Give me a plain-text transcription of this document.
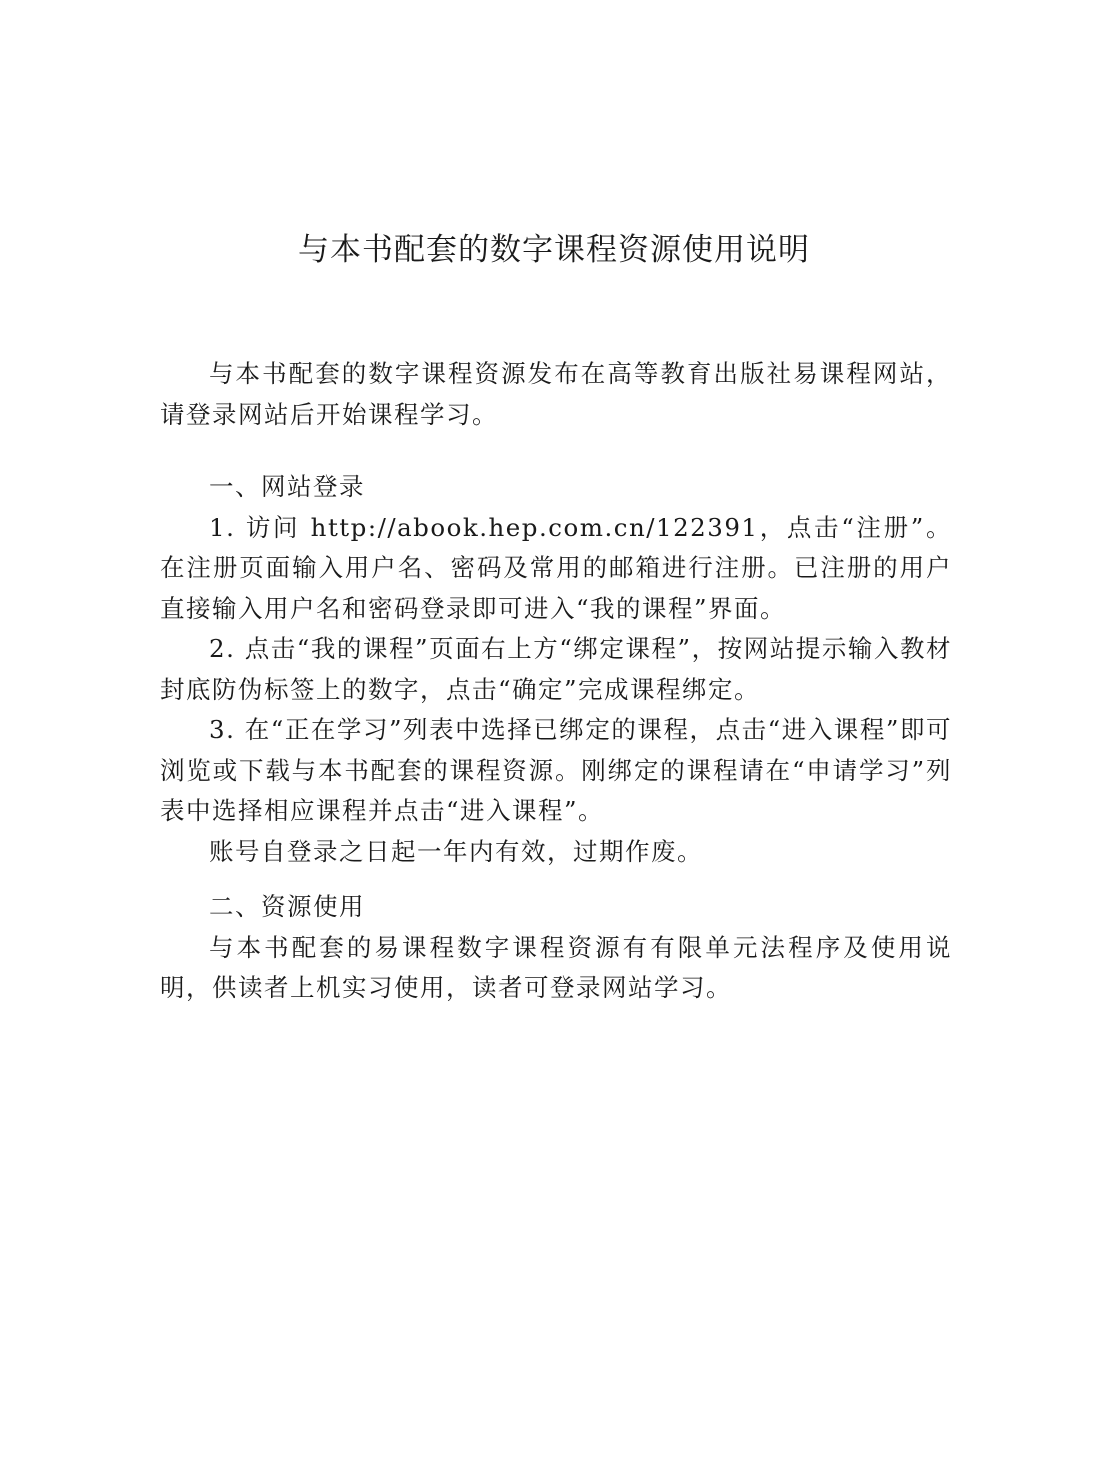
与本书配套的数字课程资源使用说明

与本书配套的数字课程资源发布在高等教育出版社易课程网站，请登录网站后开始课程学习。

一、网站登录

1. 访问 http://abook.hep.com.cn/122391，点击“注册”。在注册页面输入用户名、密码及常用的邮箱进行注册。已注册的用户直接输入用户名和密码登录即可进入“我的课程”界面。

2. 点击“我的课程”页面右上方“绑定课程”，按网站提示输入教材封底防伪标签上的数字，点击“确定”完成课程绑定。

3. 在“正在学习”列表中选择已绑定的课程，点击“进入课程”即可浏览或下载与本书配套的课程资源。刚绑定的课程请在“申请学习”列表中选择相应课程并点击“进入课程”。

账号自登录之日起一年内有效，过期作废。

二、资源使用

与本书配套的易课程数字课程资源有有限单元法程序及使用说明，供读者上机实习使用，读者可登录网站学习。
